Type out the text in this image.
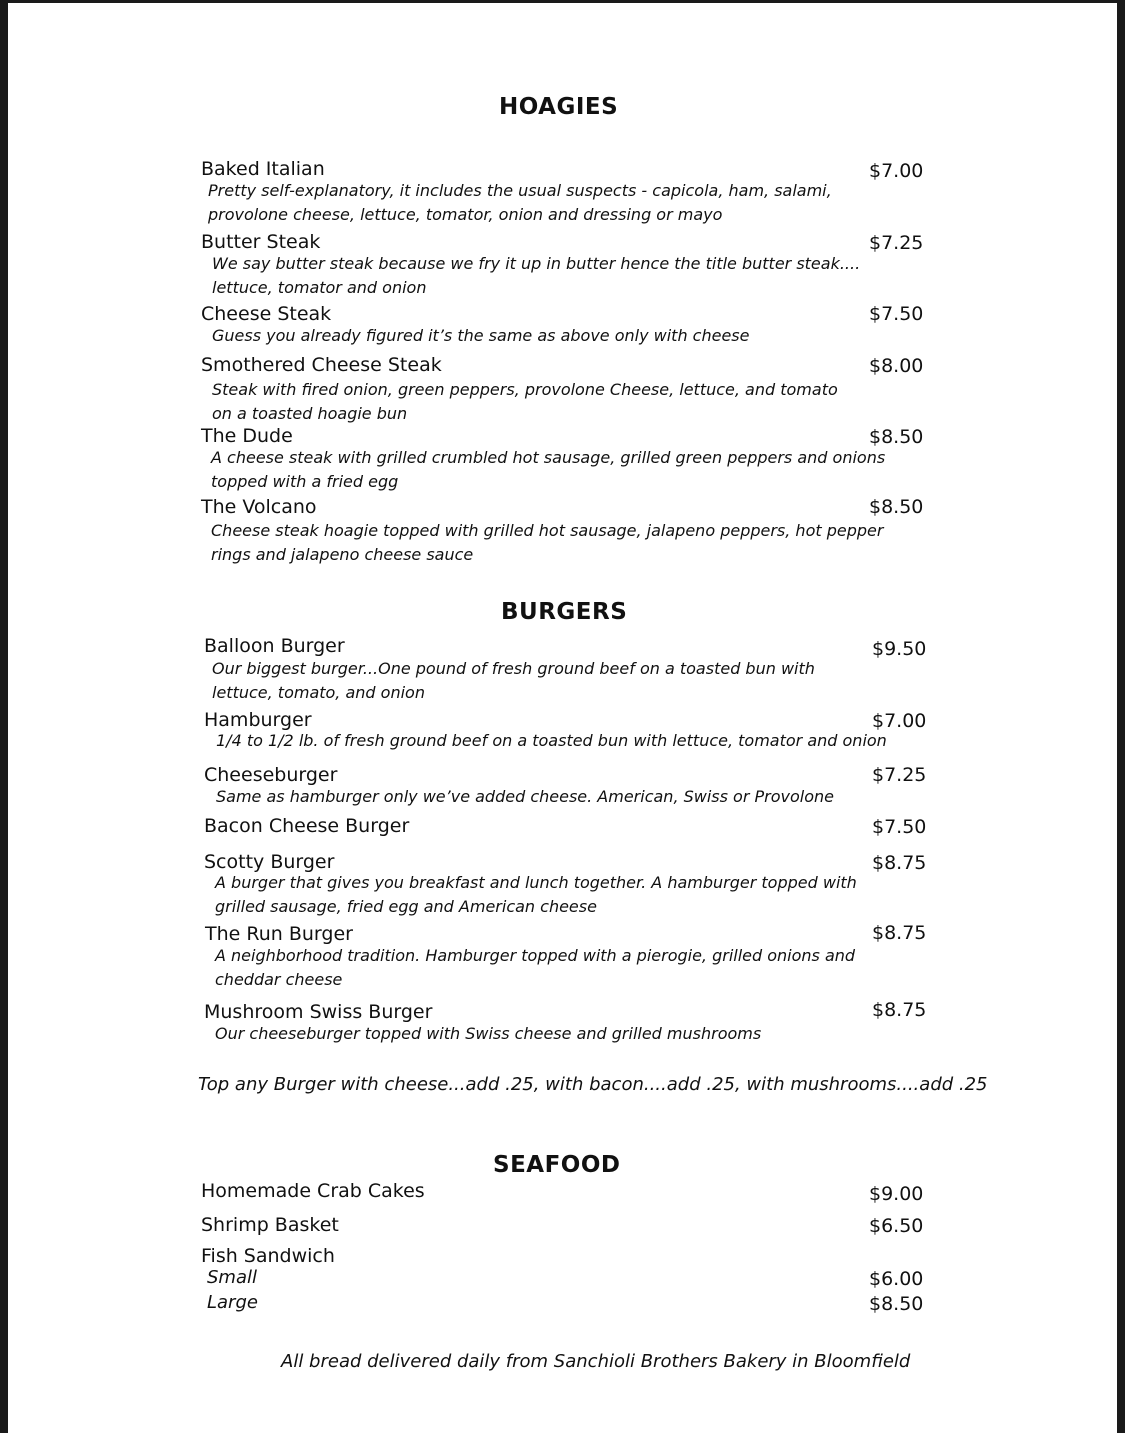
HOAGIES
Baked Italian	$7.00
Pretty self-explanatory, it includes the usual suspects - capicola, ham, salami,
provolone cheese, lettuce, tomator, onion and dressing or mayo
Butter Steak	$7.25
We say butter steak because we fry it up in butter hence the title butter steak....
lettuce, tomator and onion
Cheese Steak	$7.50
Guess you already figured it’s the same as above only with cheese
Smothered Cheese Steak	$8.00
Steak with fired onion, green peppers, provolone Cheese, lettuce, and tomato
on a toasted hoagie bun
The Dude	$8.50
A cheese steak with grilled crumbled hot sausage, grilled green peppers and onions
topped with a fried egg
The Volcano	$8.50
Cheese steak hoagie topped with grilled hot sausage, jalapeno peppers, hot pepper
rings and jalapeno cheese sauce
BURGERS
Balloon Burger	$9.50
Our biggest burger...One pound of fresh ground beef on a toasted bun with
lettuce, tomato, and onion
Hamburger	$7.00
1/4 to 1/2 lb. of fresh ground beef on a toasted bun with lettuce, tomator and onion
Cheeseburger	$7.25
Same as hamburger only we’ve added cheese. American, Swiss or Provolone
Bacon Cheese Burger	$7.50
Scotty Burger	$8.75
A burger that gives you breakfast and lunch together. A hamburger topped with
grilled sausage, fried egg and American cheese
The Run Burger	$8.75
A neighborhood tradition. Hamburger topped with a pierogie, grilled onions and
cheddar cheese
Mushroom Swiss Burger	$8.75
Our cheeseburger topped with Swiss cheese and grilled mushrooms
Top any Burger with cheese...add .25, with bacon....add .25, with mushrooms....add .25
SEAFOOD
Homemade Crab Cakes	$9.00
Shrimp Basket	$6.50
Fish Sandwich
Small	$6.00
Large	$8.50
All bread delivered daily from Sanchioli Brothers Bakery in Bloomfield
